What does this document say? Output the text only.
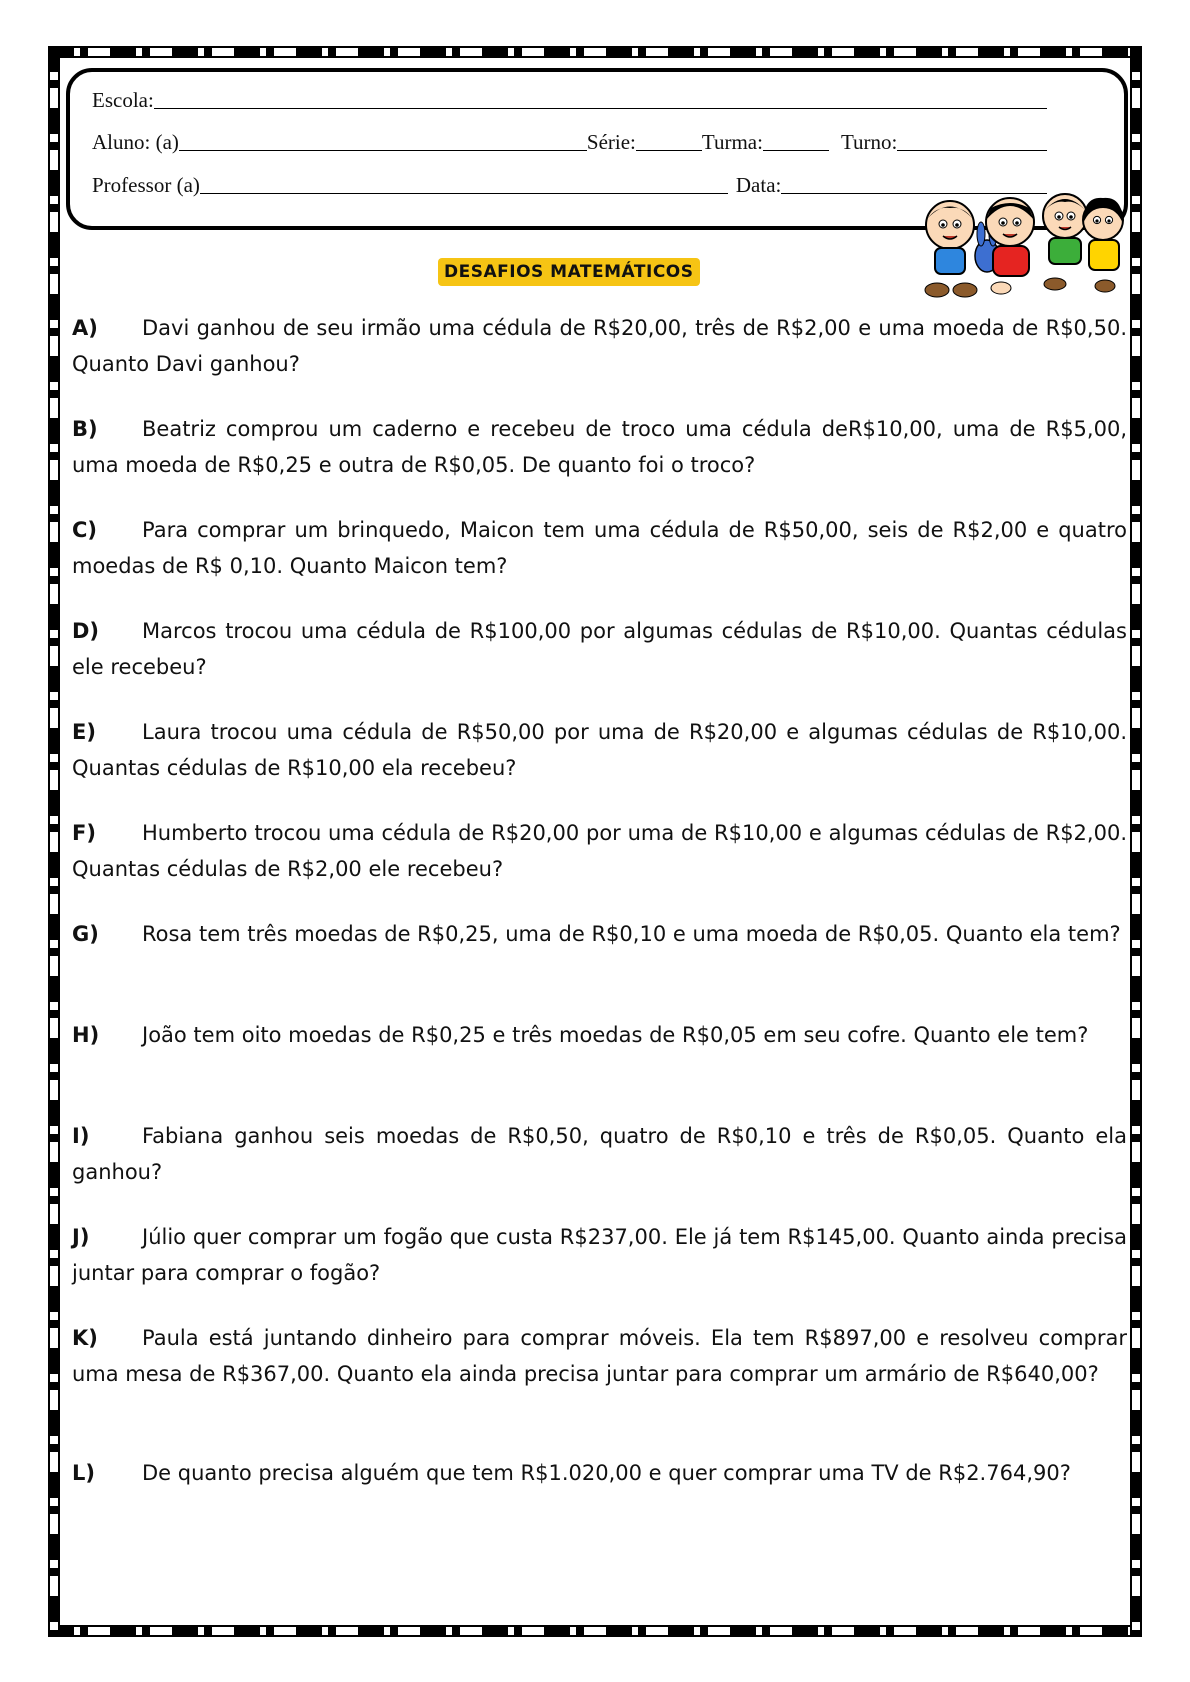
Escola:
Aluno: (a)	Série:	Turma:	Turno:
Professor (a)	Data:
DESAFIOS MATEMÁTICOS

A) Davi ganhou de seu irmão uma cédula de R$20,00, três de R$2,00 e uma moeda de R$0,50. Quanto Davi ganhou?

B) Beatriz comprou um caderno e recebeu de troco uma cédula deR$10,00, uma de R$5,00, uma moeda de R$0,25 e outra de R$0,05. De quanto foi o troco?

C) Para comprar um brinquedo, Maicon tem uma cédula de R$50,00, seis de R$2,00 e quatro moedas de R$ 0,10. Quanto Maicon tem?

D) Marcos trocou uma cédula de R$100,00 por algumas cédulas de R$10,00. Quantas cédulas ele recebeu?

E) Laura trocou uma cédula de R$50,00 por uma de R$20,00 e algumas cédulas de R$10,00. Quantas cédulas de R$10,00 ela recebeu?

F) Humberto trocou uma cédula de R$20,00 por uma de R$10,00 e algumas cédulas de R$2,00. Quantas cédulas de R$2,00 ele recebeu?

G) Rosa tem três moedas de R$0,25, uma de R$0,10 e uma moeda de R$0,05. Quanto ela tem?

H) João tem oito moedas de R$0,25 e três moedas de R$0,05 em seu cofre. Quanto ele tem?

I)	Fabiana ganhou seis moedas de R$0,50, quatro de R$0,10 e três de R$0,05. Quanto ela ganhou?

J)	Júlio quer comprar um fogão que custa R$237,00. Ele já tem R$145,00. Quanto ainda precisa juntar para comprar o fogão?

K) Paula está juntando dinheiro para comprar móveis. Ela tem R$897,00 e resolveu comprar uma mesa de R$367,00. Quanto ela ainda precisa juntar para comprar um armário de R$640,00?

L) De quanto precisa alguém que tem R$1.020,00 e quer comprar uma TV de R$2.764,90?
